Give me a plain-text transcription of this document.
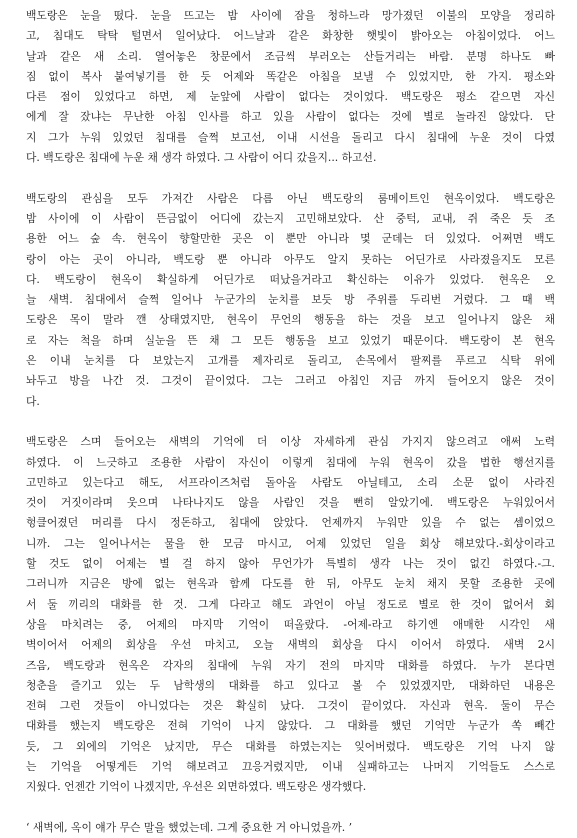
백도랑은 눈을 떴다. 눈을 뜨고는 밤 사이에 잠을 청하느라 망가졌던 이불의 모양을 정리하
고, 침대도 탁탁 털면서 일어났다. 어느날과 같은 화창한 햇빛이 밝아오는 아침이었다. 어느
날과 같은 새 소리. 열어놓은 창문에서 조금씩 부러오는 산들거리는 바람. 분명 하나도 빠
짐 없이 복사 붙여넣기를 한 듯 어제와 똑같은 아침을 보낼 수 있었지만, 한 가지. 평소와
다른 점이 있었다고 하면, 제 눈앞에 사람이 없다는 것이었다. 백도랑은 평소 같으면 자신
에게 잘 잤냐는 무난한 아침 인사를 하고 있을 사람이 없다는 것에 별로 놀라진 않았다. 단
지 그가 누워 있었던 침대를 슬쩍 보고선, 이내 시선을 돌리고 다시 침대에 누운 것이 다였
다. 백도랑은 침대에 누운 채 생각 하였다. 그 사람이 어디 갔을지... 하고선.
백도랑의 관심을 모두 가져간 사람은 다름 아닌 백도랑의 룸메이트인 현옥이었다. 백도랑은
밤 사이에 이 사람이 뜬금없이 어디에 갔는지 고민해보았다. 산 중턱, 교내, 쥐 죽은 듯 조
용한 어느 숲 속. 현옥이 향할만한 곳은 이 뿐만 아니라 몇 군데는 더 있었다. 어쩌면 백도
랑이 아는 곳이 아니라, 백도랑 뿐 아니라 아무도 알지 못하는 어딘가로 사라졌을지도 모른
다. 백도랑이 현옥이 확실하게 어딘가로 떠났을거라고 확신하는 이유가 있었다. 현옥은 오
늘 새벽. 침대에서 슬쩍 일어나 누군가의 눈치를 보듯 방 주위를 두리번 거렸다. 그 때 백
도랑은 목이 말라 깬 상태였지만, 현옥이 무언의 행동을 하는 것을 보고 일어나지 않은 채
로 자는 척을 하며 실눈을 뜬 채 그 모든 행동을 보고 있었기 때문이다. 백도랑이 본 현옥
은 이내 눈치를 다 보았는지 고개를 제자리로 돌리고, 손목에서 팔찌를 푸르고 식탁 위에
놔두고 방을 나간 것. 그것이 끝이었다. 그는 그러고 아침인 지금 까지 들어오지 않은 것이
다.
백도랑은 스며 들어오는 새벽의 기억에 더 이상 자세하게 관심 가지지 않으려고 애써 노력
하였다. 이 느긋하고 조용한 사람이 자신이 이렇게 침대에 누워 현옥이 갔을 법한 행선지를
고민하고 있는다고 해도, 서프라이즈처럼 돌아올 사람도 아닐테고, 소리 소문 없이 사라진
것이 거짓이라며 웃으며 나타나지도 않을 사람인 것을 뻔히 알았기에. 백도랑은 누워있어서
헝클어졌던 머리를 다시 정돈하고, 침대에 앉았다. 언제까지 누워만 있을 수 없는 셈이었으
니까. 그는 일어나서는 물을 한 모금 마시고, 어제 있었던 일을 회상 해보았다.-회상이라고
할 것도 없이 어제는 별 걸 하지 않아 무언가가 특별히 생각 나는 것이 없긴 하였다.-그.
그러니까 지금은 방에 없는 현옥과 함께 다도를 한 뒤, 아무도 눈치 채지 못할 조용한 곳에
서 둘 끼리의 대화를 한 것. 그게 다라고 해도 과언이 아닐 정도로 별로 한 것이 없어서 회
상을 마치려는 중, 어제의 마지막 기억이 떠올랐다. -어제-라고 하기엔 애매한 시각인 새
벽이어서 어제의 회상을 우선 마치고, 오늘 새벽의 회상을 다시 이어서 하였다. 새벽 2시
즈음, 백도랑과 현옥은 각자의 침대에 누워 자기 전의 마지막 대화를 하였다. 누가 본다면
청춘을 즐기고 있는 두 남학생의 대화를 하고 있다고 볼 수 있었겠지만, 대화하던 내용은
전혀 그런 것들이 아니었다는 것은 확실히 났다. 그것이 끝이었다. 자신과 현옥. 둘이 무슨
대화를 했는지 백도랑은 전혀 기억이 나지 않았다. 그 대화를 했던 기억만 누군가 쏙 빼간
듯, 그 외에의 기억은 났지만, 무슨 대화를 하였는지는 잊어버렸다. 백도랑은 기억 나지 않
는 기억을 어떻게든 기억 해보려고 끄응거렸지만, 이내 실패하고는 나머지 기억들도 스스로
지웠다. 언젠간 기억이 나겠지만, 우선은 외면하였다. 백도랑은 생각했다.
‘ 새벽에, 옥이 얘가 무슨 말을 했었는데. 그게 중요한 거 아니었을까. ’
